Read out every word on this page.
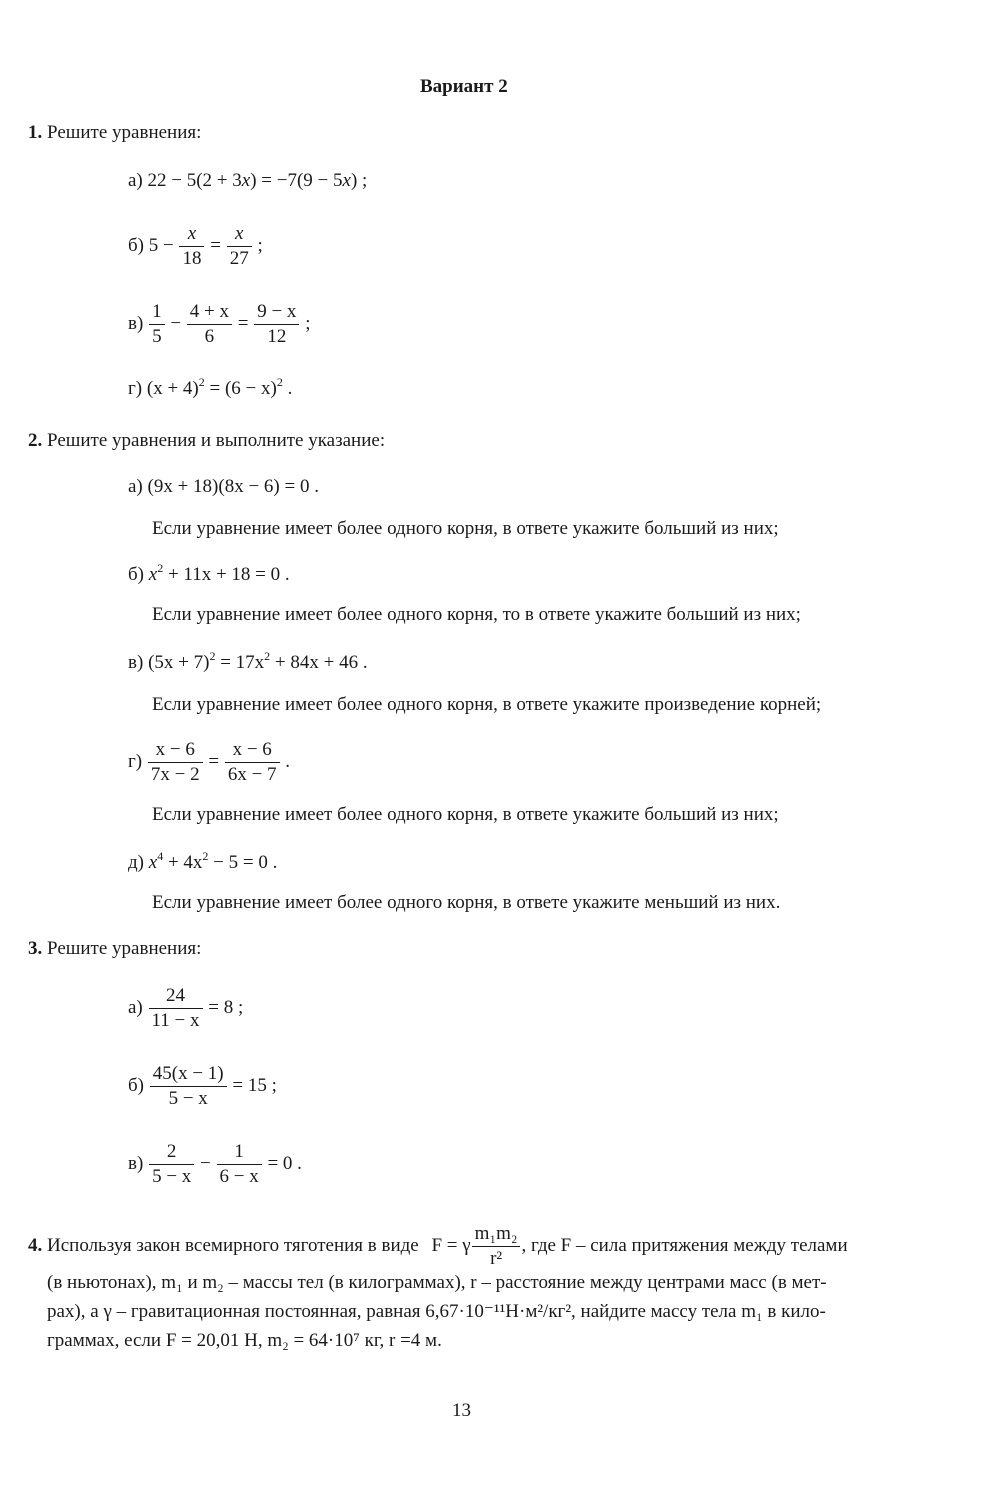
Вариант 2
1. Решите уравнения:
а) 22 − 5(2 + 3x) = −7(9 − 5x) ;
б) $5 - \frac{x}{18} = \frac{x}{27}$ ;
$в) \frac{1}{5} - \frac{4 + x}{6} = \frac{9 - x}{12}$ ;
г) $(x + 4)^2 = (6 - x)^2$ .
2. Решите уравнения и выполните указание:
а) (9x + 18)(8x − 6) = 0 .
Если уравнение имеет более одного корня, в ответе укажите больший из них;
б) $x^2 + 11x + 18 = 0$ .
Если уравнение имеет более одного корня, то в ответе укажите больший из них;
в) $(5x + 7)^2 = 17x^2 + 84x + 46$ .
Если уравнение имеет более одного корня, в ответе укажите произведение корней;
$г) \frac{x - 6}{7x - 2} = \frac{x - 6}{6x - 7}$ .
Если уравнение имеет более одного корня, в ответе укажите больший из них;
д) $x^4 + 4x^2 - 5 = 0$ .
Если уравнение имеет более одного корня, в ответе укажите меньший из них.
3. Решите уравнения:
$а) \frac{24}{11 - x} = 8$ ;
$б) \frac{45(x - 1)}{5 - x} = 15$ ;
$в) \frac{2}{5 - x} - \frac{1}{6 - x} = 0$ .
4. Используя закон всемирного тяготения в виде F = γ $\frac{\text{m₁m₂}}{\text{r²}}$ , где F – сила притяжения между телами
(в ньютонах), m₁ и m₂ – массы тел (в килограммах), r – расстояние между центрами масс (в мет-
рах), а γ – гравитационная постоянная, равная 6,67·10⁻¹¹Н·м²/кг², найдите массу тела m₁ в кило-
граммах, если F = 20,01 Н, m₂ = 64·10⁷ кг, r =4 м.
13
